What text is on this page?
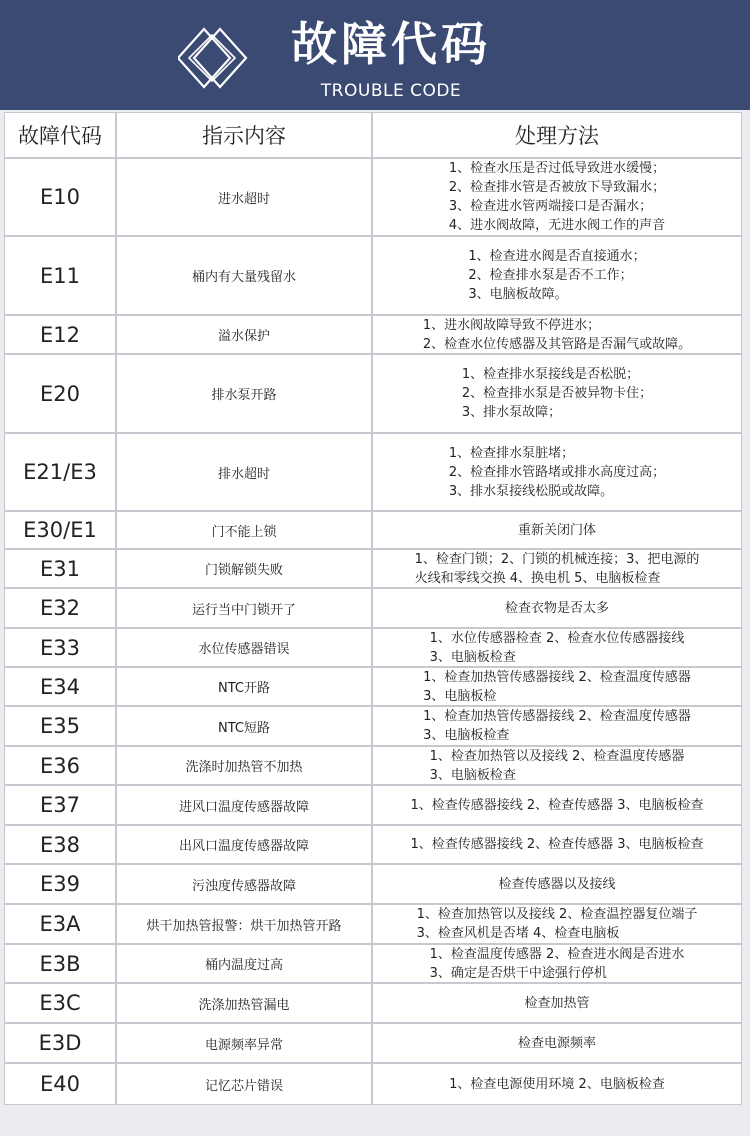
故障代码
TROUBLE CODE
故障代码	指示内容	处理方法
E10	进水超时
1、检查水压是否过低导致进水缓慢；
2、检查排水管是否被放下导致漏水；
3、检查进水管两端接口是否漏水；
4、进水阀故障，无进水阀工作的声音
E11	桶内有大量残留水
1、检查进水阀是否直接通水；
2、检查排水泵是否不工作；
3、电脑板故障。
E12	溢水保护
1、进水阀故障导致不停进水；
2、检查水位传感器及其管路是否漏气或故障。
E20	排水泵开路
1、检查排水泵接线是否松脱；
2、检查排水泵是否被异物卡住；
3、排水泵故障；
E21/E3	排水超时
1、检查排水泵脏堵；
2、检查排水管路堵或排水高度过高；
3、排水泵接线松脱或故障。
E30/E1	门不能上锁	重新关闭门体
E31	门锁解锁失败
1、检查门锁；2、门锁的机械连接；3、把电源的
火线和零线交换 4、换电机 5、电脑板检查
E32	运行当中门锁开了	检查衣物是否太多
E33	水位传感器错误
1、水位传感器检查 2、检查水位传感器接线
3、电脑板检查
E34	NTC开路
1、检查加热管传感器接线 2、检查温度传感器
3、电脑板检
E35	NTC短路
1、检查加热管传感器接线 2、检查温度传感器
3、电脑板检查
E36	洗涤时加热管不加热
1、检查加热管以及接线 2、检查温度传感器
3、电脑板检查
E37	进风口温度传感器故障	1、检查传感器接线 2、检查传感器 3、电脑板检查
E38	出风口温度传感器故障	1、检查传感器接线 2、检查传感器 3、电脑板检查
E39	污浊度传感器故障	检查传感器以及接线
E3A	烘干加热管报警：烘干加热管开路
1、检查加热管以及接线 2、检查温控器复位端子
3、检查风机是否堵 4、检查电脑板
E3B	桶内温度过高
1、检查温度传感器 2、检查进水阀是否进水
3、确定是否烘干中途强行停机
E3C	洗涤加热管漏电	检查加热管
E3D	电源频率异常	检查电源频率
E40	记忆芯片错误	1、检查电源使用环境 2、电脑板检查
